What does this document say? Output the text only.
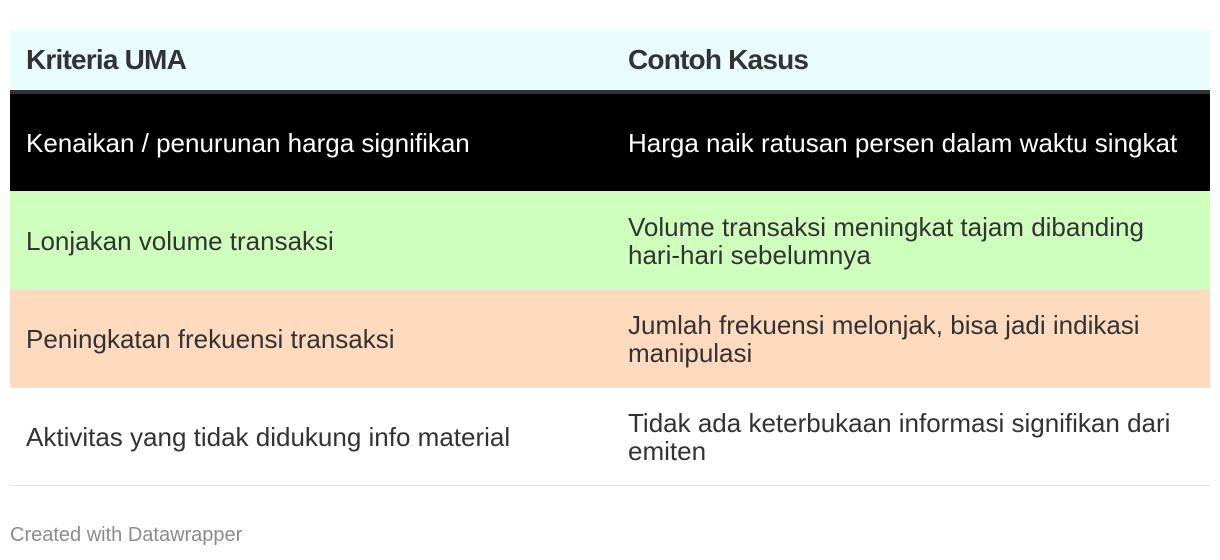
Kriteria UMA	Contoh Kasus
Kenaikan / penurunan harga signifikan	Harga naik ratusan persen dalam waktu singkat
Lonjakan volume transaksi	Volume transaksi meningkat tajam dibanding hari-hari sebelumnya
Peningkatan frekuensi transaksi	Jumlah frekuensi melonjak, bisa jadi indikasi manipulasi
Aktivitas yang tidak didukung info material	Tidak ada keterbukaan informasi signifikan dari emiten
Created with Datawrapper
